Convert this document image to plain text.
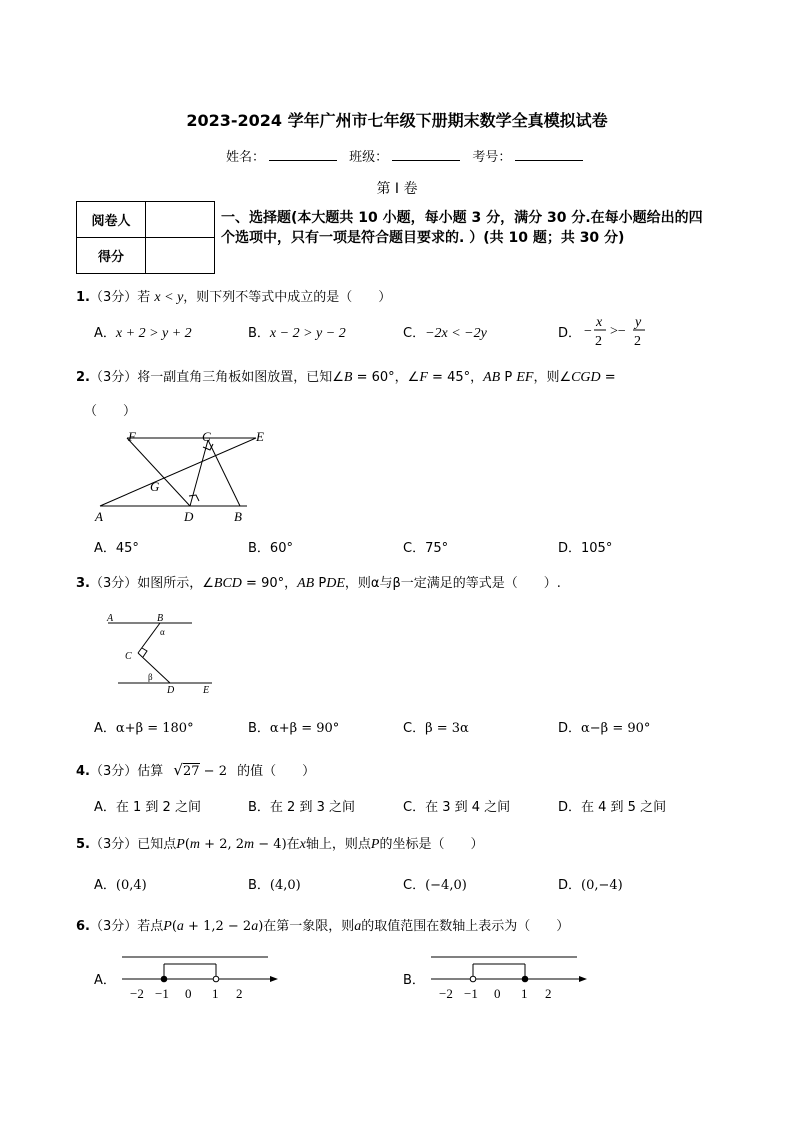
2023-2024 学年广州市七年级下册期末数学全真模拟试卷
姓名：	班级：	考号：
第 I 卷
阅卷人	
得分	
一、选择题(本大题共 10 小题，每小题 3 分，满分 30 分.在每小题给出的四个选项中，只有一项是符合题目要求的. ）(共 10 题；共 30 分)
1.（3分）若 x < y，则下列不等式中成立的是（　　）
A．x + 2 > y + 2	B．x − 2 > y − 2	C．−2x < −2y	D． −
x
2
>−
y
2
2.（3分）将一副直角三角板如图放置，已知∠B = 60°，∠F = 45°，AB P EF，则∠CGD =
（　　）
F	C	E
G
A	D	B
A．45°	B．60°	C．75°	D．105°
3.（3分）如图所示，∠BCD = 90°，AB PDE，则α与β一定满足的等式是（　　）.
A	B
α
C
β
D	E
A．α+β = 180°	B．α+β = 90°	C．β = 3α	D．α−β = 90°
4.（3分）估算 √27 − 2 的值（　　）
A．在 1 到 2 之间	B．在 2 到 3 之间	C．在 3 到 4 之间	D．在 4 到 5 之间
5.（3分）已知点P(m + 2, 2m − 4)在x轴上，则点P的坐标是（　　）
A．(0,4)	B．(4,0)	C．(−4,0)	D．(0,−4)
6.（3分）若点P(a + 1,2 − 2a)在第一象限，则a的取值范围在数轴上表示为（　　）
A．
−2 −1 0 1 2
B．
−2 −1 0 1 2
